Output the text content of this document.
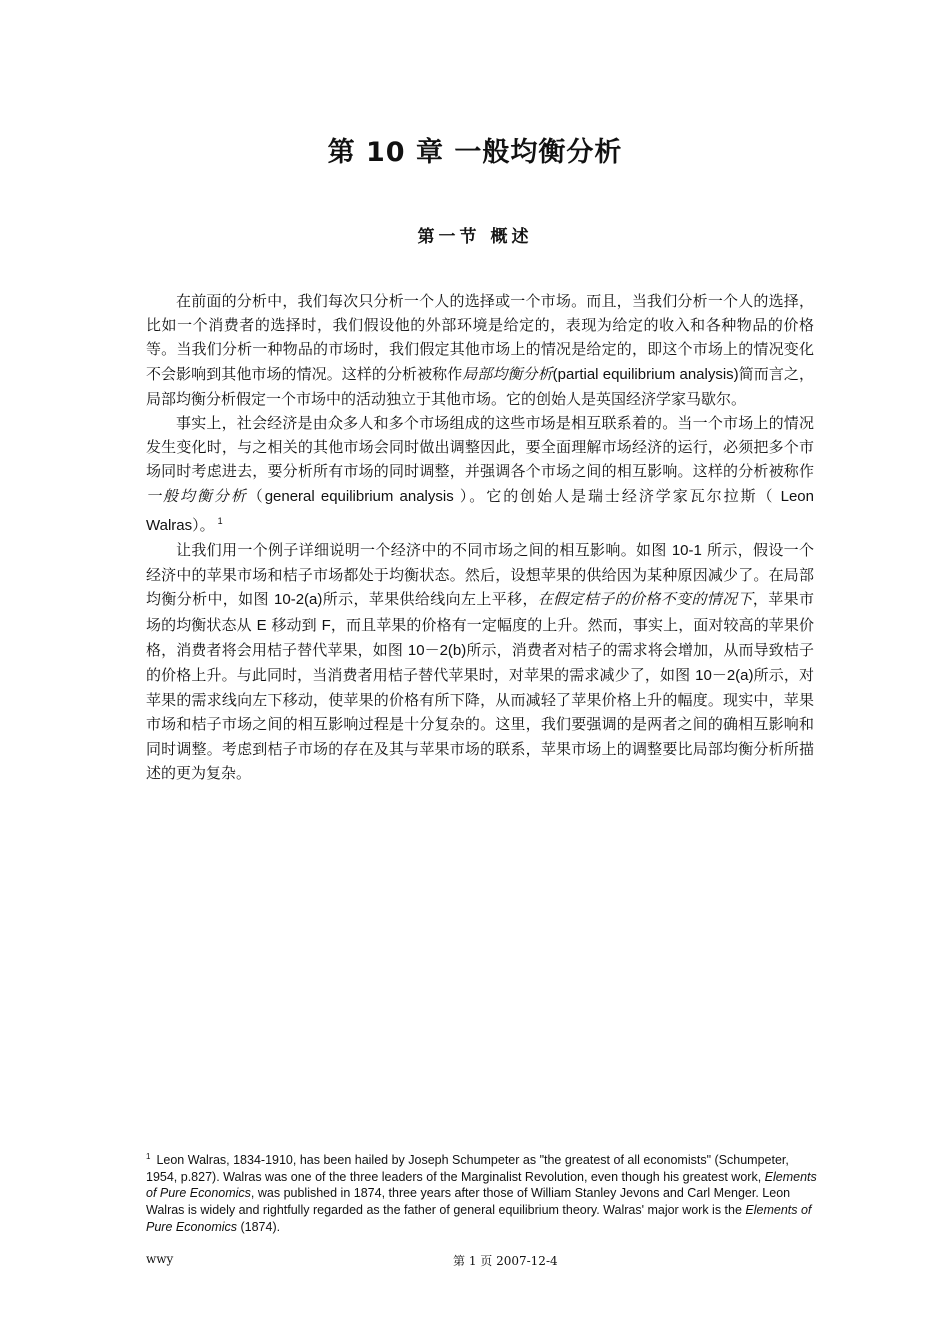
第 10 章 一般均衡分析
第一节 概述

在前面的分析中，我们每次只分析一个人的选择或一个市场。而且，当我们分析一个人的选择，比如一个消费者的选择时，我们假设他的外部环境是给定的，表现为给定的收入和各种物品的价格等。当我们分析一种物品的市场时，我们假定其他市场上的情况是给定的，即这个市场上的情况变化不会影响到其他市场的情况。这样的分析被称作局部均衡分析(partial equilibrium analysis)简而言之，局部均衡分析假定一个市场中的活动独立于其他市场。它的创始人是英国经济学家马歇尔。

事实上，社会经济是由众多人和多个市场组成的这些市场是相互联系着的。当一个市场上的情况发生变化时，与之相关的其他市场会同时做出调整因此，要全面理解市场经济的运行，必须把多个市场同时考虑进去，要分析所有市场的同时调整，并强调各个市场之间的相互影响。这样的分析被称作一般均衡分析（general equilibrium analysis ）。它的创始人是瑞士经济学家瓦尔拉斯（ Leon Walras）。 $^1$

让我们用一个例子详细说明一个经济中的不同市场之间的相互影响。如图 10-1 所示，假设一个经济中的苹果市场和桔子市场都处于均衡状态。然后，设想苹果的供给因为某种原因减少了。在局部均衡分析中，如图 10-2(a)所示，苹果供给线向左上平移，在假定桔子的价格不变的情况下，苹果市场的均衡状态从 E 移动到 F，而且苹果的价格有一定幅度的上升。然而，事实上，面对较高的苹果价格，消费者将会用桔子替代苹果，如图 10－2(b)所示，消费者对桔子的需求将会增加，从而导致桔子的价格上升。与此同时，当消费者用桔子替代苹果时，对苹果的需求减少了，如图 10－2(a)所示，对苹果的需求线向左下移动，使苹果的价格有所下降，从而减轻了苹果价格上升的幅度。现实中，苹果市场和桔子市场之间的相互影响过程是十分复杂的。这里，我们要强调的是两者之间的确相互影响和同时调整。考虑到桔子市场的存在及其与苹果市场的联系，苹果市场上的调整要比局部均衡分析所描述的更为复杂。

$^1$ Leon Walras, 1834-1910, has been hailed by Joseph Schumpeter as "the greatest of all economists" (Schumpeter, 1954, p.827). Walras was one of the three leaders of the Marginalist Revolution, even though his greatest work, Elements of Pure Economics, was published in 1874, three years after those of William Stanley Jevons and Carl Menger. Leon Walras is widely and rightfully regarded as the father of general equilibrium theory. Walras' major work is the Elements of Pure Economics (1874).

wwy	第 1 页 2007-12-4
